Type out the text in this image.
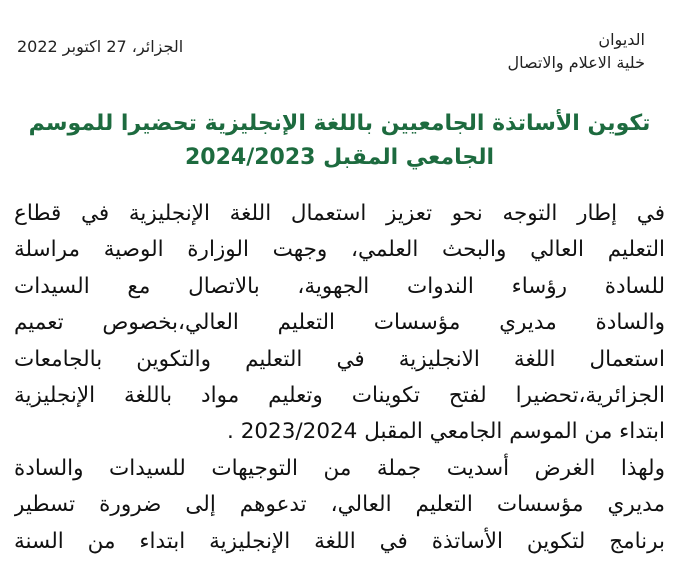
الديوان
خلية الاعلام والاتصال
الجزائر، 27 اكتوبر 2022
تكوين الأساتذة الجامعيين باللغة الإنجليزية تحضيرا للموسم
الجامعي المقبل 2024/2023
في إطار التوجه نحو تعزيز استعمال اللغة الإنجليزية في قطاع
التعليم العالي والبحث العلمي، وجهت الوزارة الوصية مراسلة
للسادة رؤساء الندوات الجهوية، بالاتصال مع السيدات
والسادة مديري مؤسسات التعليم العالي،بخصوص تعميم
استعمال اللغة الانجليزية في التعليم والتكوين بالجامعات
الجزائرية،تحضيرا لفتح تكوينات وتعليم مواد باللغة الإنجليزية
ابتداء من الموسم الجامعي المقبل 2023/2024 .
ولهذا الغرض أسديت جملة من التوجيهات للسيدات والسادة
مديري مؤسسات التعليم العالي، تدعوهم إلى ضرورة تسطير
برنامج لتكوين الأساتذة في اللغة الإنجليزية ابتداء من السنة
